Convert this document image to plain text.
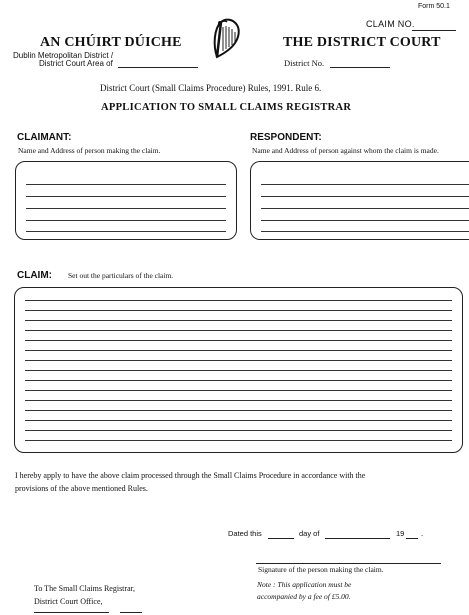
Form 50.1
CLAIM NO.
AN CHÚIRT DÚICHE	THE DISTRICT COURT
Dublin Metropolitan District /
District Court Area of	District No.
District Court (Small Claims Procedure) Rules, 1991. Rule 6.
APPLICATION TO SMALL CLAIMS REGISTRAR
CLAIMANT:
Name and Address of person making the claim.
RESPONDENT:
Name and Address of person against whom the claim is made.
CLAIM: Set out the particulars of the claim.
I hereby apply to have the above claim processed through the Small Claims Procedure in accordance with the
provisions of the above mentioned Rules.
Dated this	day of	19 .
Signature of the person making the claim.
Note : This application must be
accompanied by a fee of £5.00.
To The Small Claims Registrar,
District Court Office,
